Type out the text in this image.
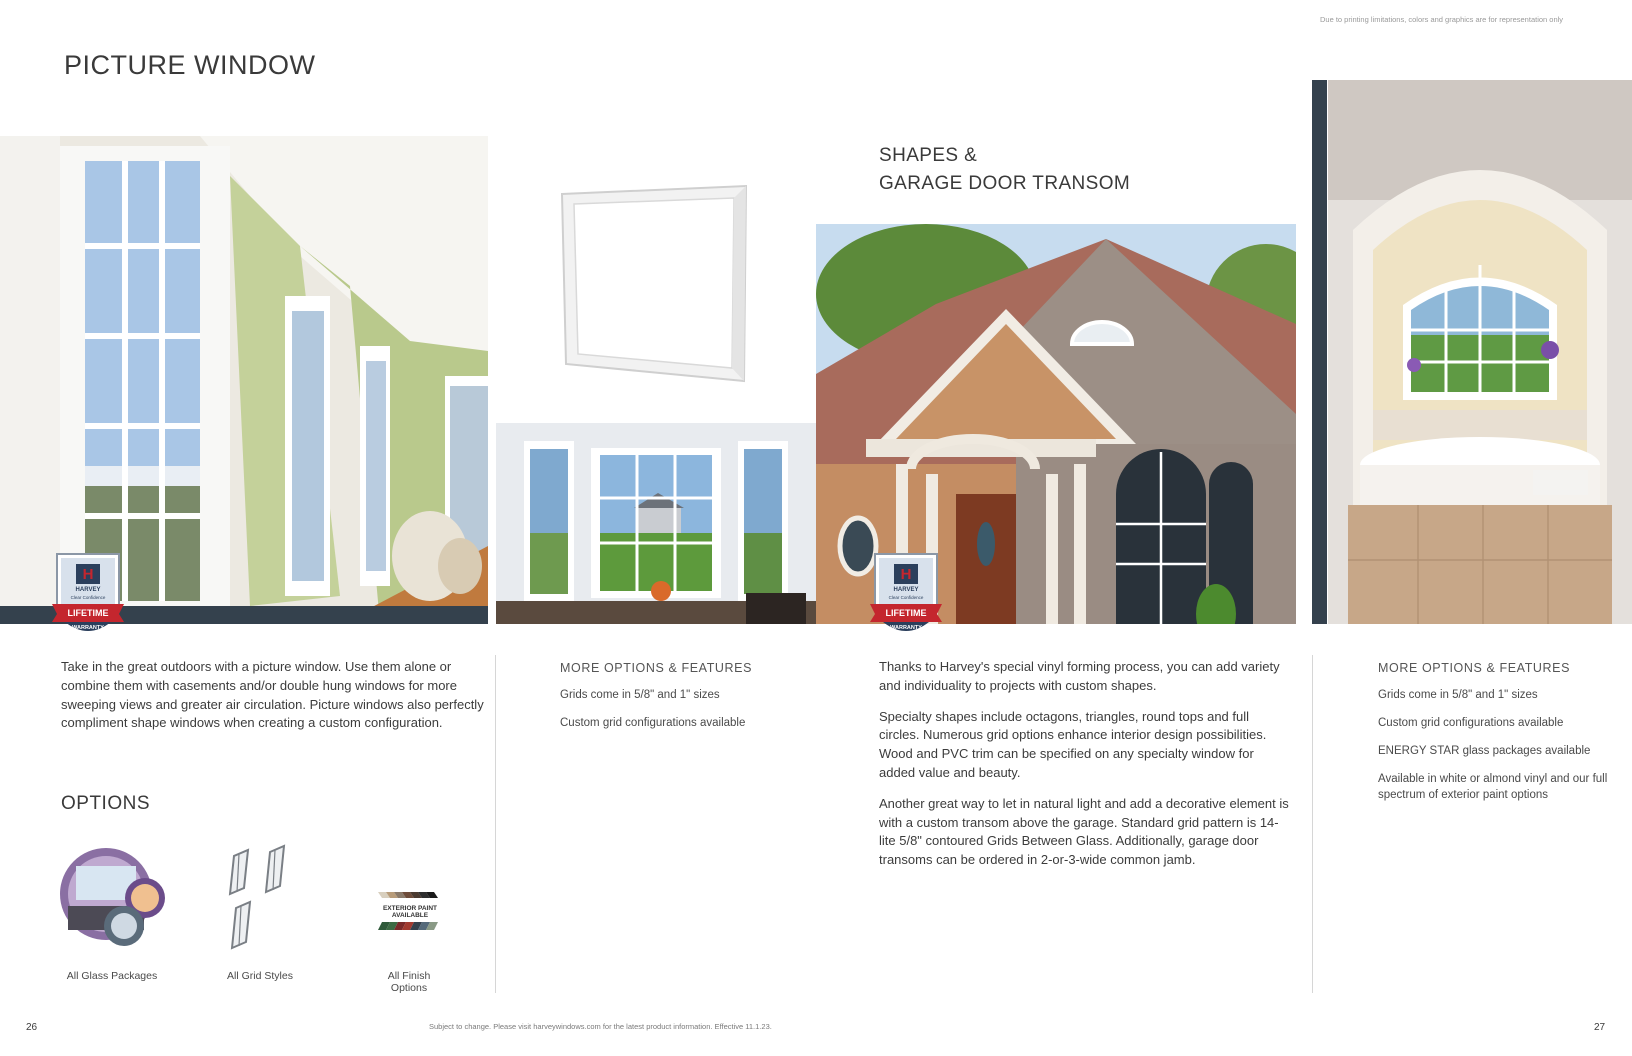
Due to printing limitations, colors and graphics are for representation only
PICTURE WINDOW
SHAPES &
GARAGE DOOR TRANSOM
H
HARVEY
Clear Confidence
LIFETIME
WARRANTY
H
HARVEY
Clear Confidence
LIFETIME
WARRANTY

Take in the great outdoors with a picture window. Use them alone or combine them with casements and/or double hung windows for more sweeping views and greater air circulation. Picture windows also perfectly compliment shape windows when creating a custom configuration.

MORE OPTIONS & FEATURES
Grids come in 5/8" and 1" sizes
Custom grid configurations available
OPTIONS
All Glass Packages	All Grid Styles
EXTERIOR PAINT
AVAILABLE
All Finish
Options

Thanks to Harvey's special vinyl forming process, you can add variety and individuality to projects with custom shapes.

Specialty shapes include octagons, triangles, round tops and full circles. Numerous grid options enhance interior design possibilities. Wood and PVC trim can be specified on any specialty window for added value and beauty.

Another great way to let in natural light and add a decorative element is with a custom transom above the garage. Standard grid pattern is 14-lite 5/8" contoured Grids Between Glass. Additionally, garage door transoms can be ordered in 2-or-3-wide common jamb.

MORE OPTIONS & FEATURES
Grids come in 5/8" and 1" sizes
Custom grid configurations available
ENERGY STAR glass packages available
Available in white or almond vinyl and our full spectrum of exterior paint options
26	Subject to change. Please visit harveywindows.com for the latest product information. Effective 11.1.23.	27
